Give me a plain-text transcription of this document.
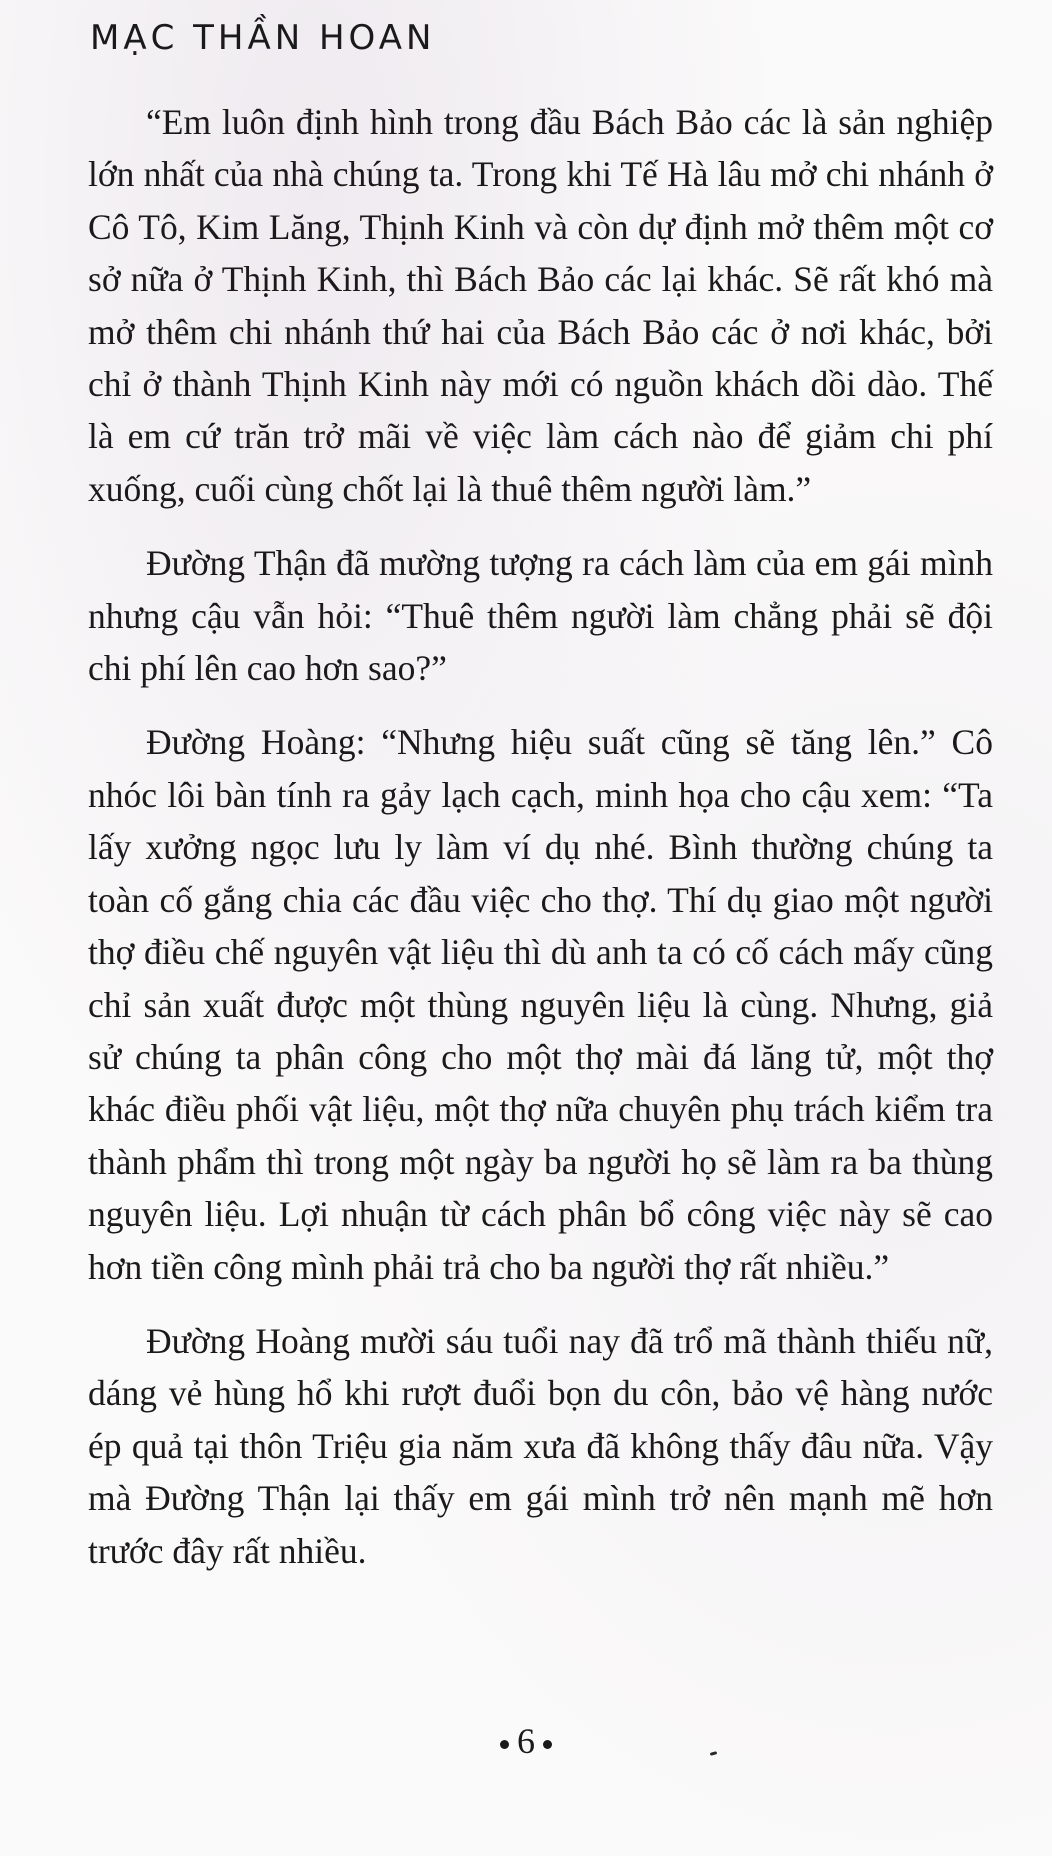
MẠC THẦN HOAN

“Em luôn định hình trong đầu Bách Bảo các là sản nghiệp lớn nhất của nhà chúng ta. Trong khi Tế Hà lâu mở chi nhánh ở Cô Tô, Kim Lăng, Thịnh Kinh và còn dự định mở thêm một cơ sở nữa ở Thịnh Kinh, thì Bách Bảo các lại khác. Sẽ rất khó mà mở thêm chi nhánh thứ hai của Bách Bảo các ở nơi khác, bởi chỉ ở thành Thịnh Kinh này mới có nguồn khách dồi dào. Thế là em cứ trăn trở mãi về việc làm cách nào để giảm chi phí xuống, cuối cùng chốt lại là thuê thêm người làm.”

Đường Thận đã mường tượng ra cách làm của em gái mình nhưng cậu vẫn hỏi: “Thuê thêm người làm chẳng phải sẽ đội chi phí lên cao hơn sao?”

Đường Hoàng: “Nhưng hiệu suất cũng sẽ tăng lên.” Cô nhóc lôi bàn tính ra gảy lạch cạch, minh họa cho cậu xem: “Ta lấy xưởng ngọc lưu ly làm ví dụ nhé. Bình thường chúng ta toàn cố gắng chia các đầu việc cho thợ. Thí dụ giao một người thợ điều chế nguyên vật liệu thì dù anh ta có cố cách mấy cũng chỉ sản xuất được một thùng nguyên liệu là cùng. Nhưng, giả sử chúng ta phân công cho một thợ mài đá lăng tử, một thợ khác điều phối vật liệu, một thợ nữa chuyên phụ trách kiểm tra thành phẩm thì trong một ngày ba người họ sẽ làm ra ba thùng nguyên liệu. Lợi nhuận từ cách phân bổ công việc này sẽ cao hơn tiền công mình phải trả cho ba người thợ rất nhiều.”

Đường Hoàng mười sáu tuổi nay đã trổ mã thành thiếu nữ, dáng vẻ hùng hổ khi rượt đuổi bọn du côn, bảo vệ hàng nước ép quả tại thôn Triệu gia năm xưa đã không thấy đâu nữa. Vậy mà Đường Thận lại thấy em gái mình trở nên mạnh mẽ hơn trước đây rất nhiều.

6
